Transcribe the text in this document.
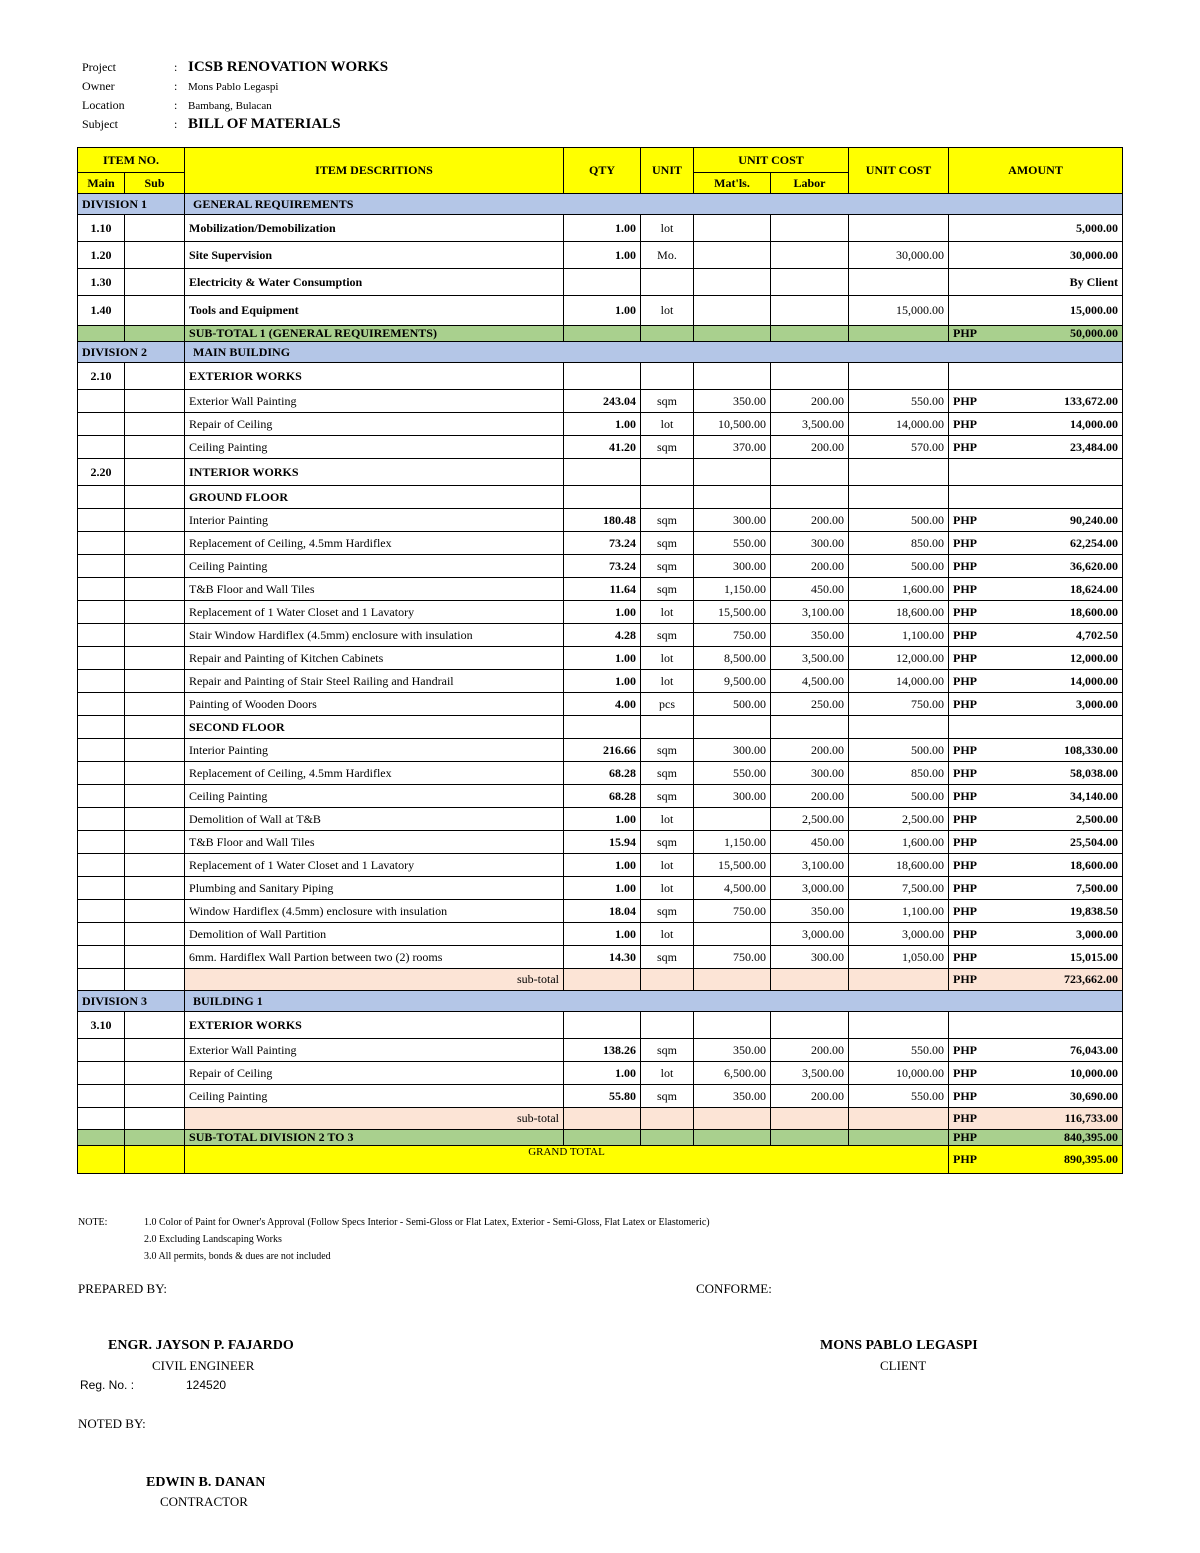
Project	: ICSB RENOVATION WORKS
Owner	: Mons Pablo Legaspi
Location	: Bambang, Bulacan
Subject	: BILL OF MATERIALS
ITEM NO.		ITEM DESCRITIONS	QTY	UNIT	UNIT COST		UNIT COST	AMOUNT
Main	Sub				Mat'ls.	Labor		
DIVISION 1		GENERAL REQUIREMENTS						
1.10		Mobilization/Demobilization	1.00	lot				5,000.00

1.20		Site Supervision	1.00	Mo.			30,000.00	30,000.00

1.30		Electricity & Water Consumption						By Client

1.40		Tools and Equipment	1.00	lot			15,000.00	15,000.00

		SUB-TOTAL 1 (GENERAL REQUIREMENTS)						PHP 50,000.00

DIVISION 2		MAIN BUILDING						
2.10		EXTERIOR WORKS						
		Exterior Wall Painting	243.04	sqm	350.00	200.00	550.00	PHP 133,672.00

		Repair of Ceiling	1.00	lot	10,500.00	3,500.00	14,000.00	PHP 14,000.00

		Ceiling Painting	41.20	sqm	370.00	200.00	570.00	PHP 23,484.00

2.20		INTERIOR WORKS						
		GROUND FLOOR						
		Interior Painting	180.48	sqm	300.00	200.00	500.00	PHP 90,240.00

		Replacement of Ceiling, 4.5mm Hardiflex	73.24	sqm	550.00	300.00	850.00	PHP 62,254.00

		Ceiling Painting	73.24	sqm	300.00	200.00	500.00	PHP 36,620.00

		T&B Floor and Wall Tiles	11.64	sqm	1,150.00	450.00	1,600.00	PHP 18,624.00

		Replacement of 1 Water Closet and 1 Lavatory	1.00	lot	15,500.00	3,100.00	18,600.00	PHP 18,600.00

		Stair Window Hardiflex (4.5mm) enclosure with insulation	4.28	sqm	750.00	350.00	1,100.00	PHP 4,702.50

		Repair and Painting of Kitchen Cabinets	1.00	lot	8,500.00	3,500.00	12,000.00	PHP 12,000.00

		Repair and Painting of Stair Steel Railing and Handrail	1.00	lot	9,500.00	4,500.00	14,000.00	PHP 14,000.00

		Painting of Wooden Doors	4.00	pcs	500.00	250.00	750.00	PHP 3,000.00

		SECOND FLOOR						
		Interior Painting	216.66	sqm	300.00	200.00	500.00	PHP 108,330.00

		Replacement of Ceiling, 4.5mm Hardiflex	68.28	sqm	550.00	300.00	850.00	PHP 58,038.00

		Ceiling Painting	68.28	sqm	300.00	200.00	500.00	PHP 34,140.00

		Demolition of Wall at T&B	1.00	lot		2,500.00	2,500.00	PHP 2,500.00

		T&B Floor and Wall Tiles	15.94	sqm	1,150.00	450.00	1,600.00	PHP 25,504.00

		Replacement of 1 Water Closet and 1 Lavatory	1.00	lot	15,500.00	3,100.00	18,600.00	PHP 18,600.00

		Plumbing and Sanitary Piping	1.00	lot	4,500.00	3,000.00	7,500.00	PHP 7,500.00

		Window Hardiflex (4.5mm) enclosure with insulation	18.04	sqm	750.00	350.00	1,100.00	PHP 19,838.50

		Demolition of Wall Partition	1.00	lot		3,000.00	3,000.00	PHP 3,000.00

		6mm. Hardiflex Wall Partion between two (2) rooms	14.30	sqm	750.00	300.00	1,050.00	PHP 15,015.00

		sub-total						PHP 723,662.00

DIVISION 3		BUILDING 1						
3.10		EXTERIOR WORKS						
		Exterior Wall Painting	138.26	sqm	350.00	200.00	550.00	PHP 76,043.00

		Repair of Ceiling	1.00	lot	6,500.00	3,500.00	10,000.00	PHP 10,000.00

		Ceiling Painting	55.80	sqm	350.00	200.00	550.00	PHP 30,690.00

		sub-total						PHP 116,733.00

		SUB-TOTAL DIVISION 2 TO 3						PHP 840,395.00

		GRAND TOTAL						PHP 890,395.00
NOTE:	1.0 Color of Paint for Owner's Approval (Follow Specs Interior - Semi-Gloss or Flat Latex, Exterior - Semi-Gloss, Flat Latex or Elastomeric)
2.0 Excluding Landscaping Works
3.0 All permits, bonds & dues are not included
PREPARED BY:
ENGR. JAYSON P. FAJARDO
CIVIL ENGINEER
Reg. No. :	124520
CONFORME:
MONS PABLO LEGASPI
CLIENT
NOTED BY:
EDWIN B. DANAN
CONTRACTOR
